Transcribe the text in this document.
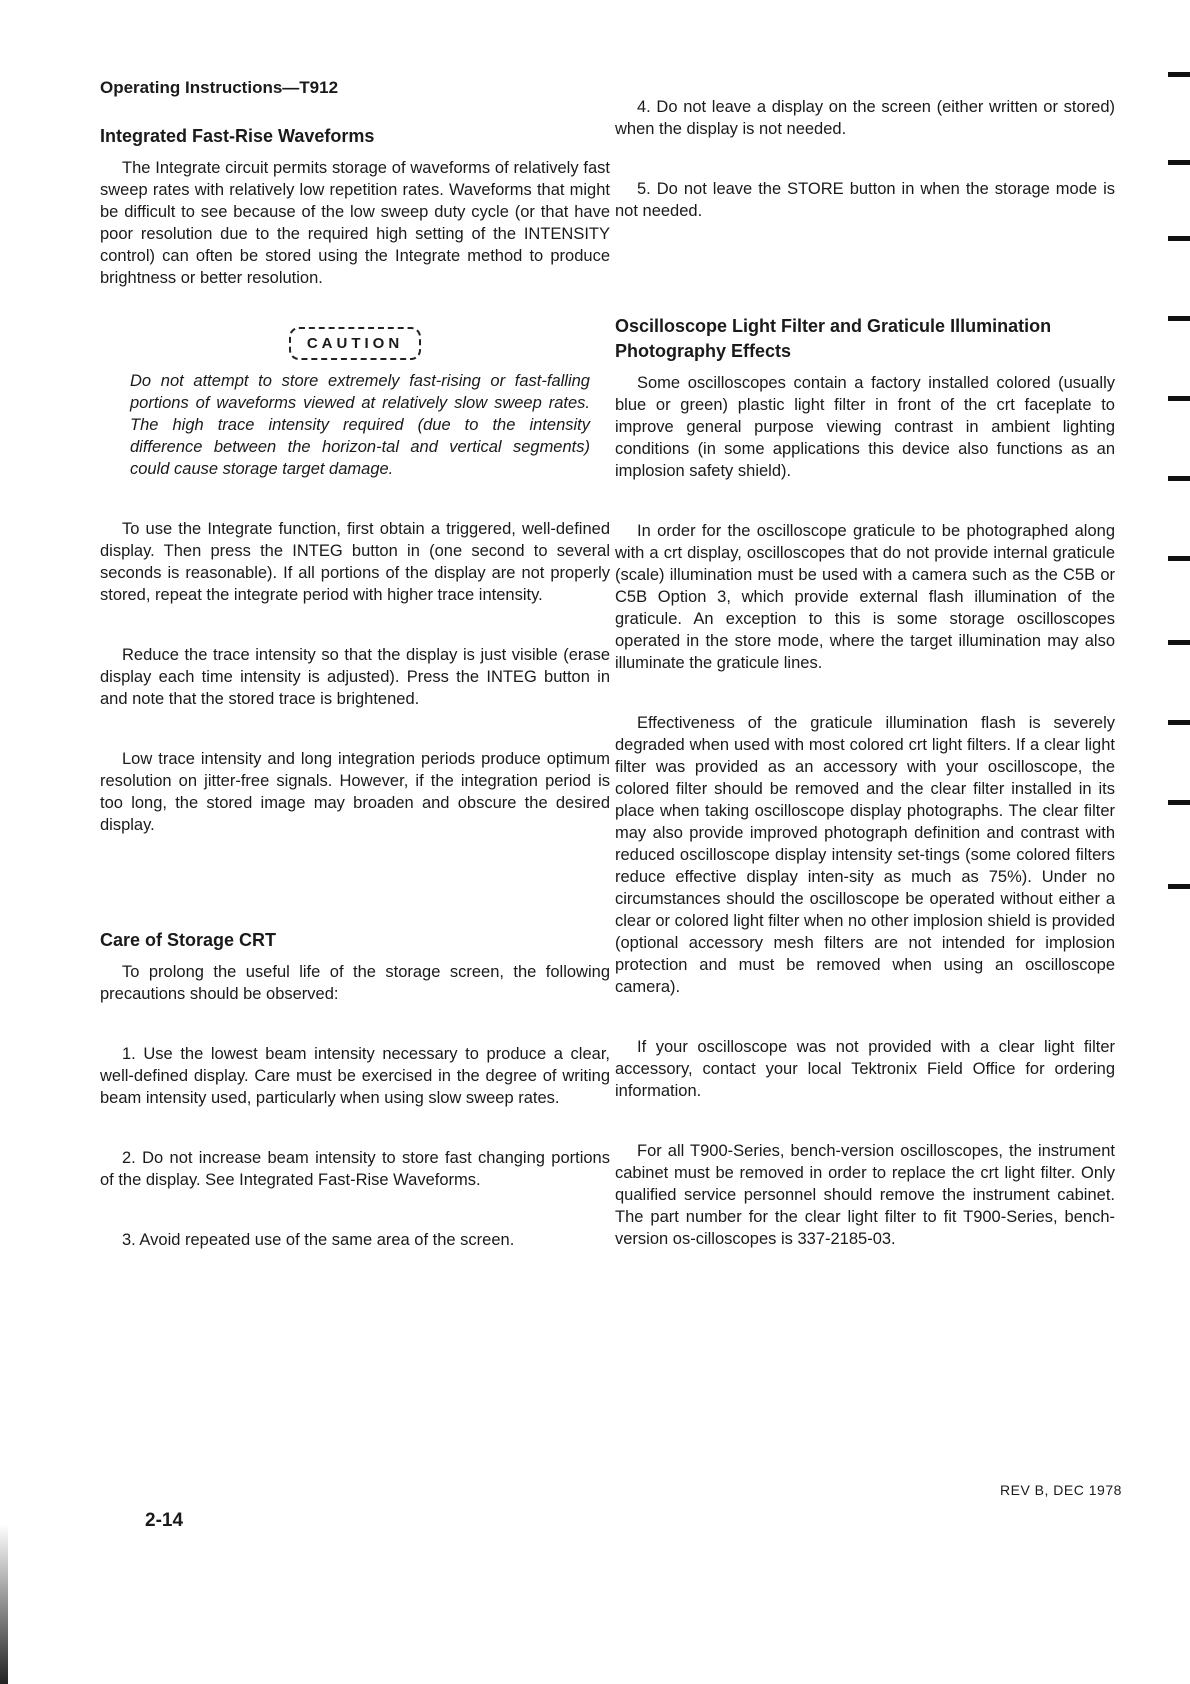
Operating Instructions—T912
Integrated Fast-Rise Waveforms

The Integrate circuit permits storage of waveforms of relatively fast sweep rates with relatively low repetition rates. Waveforms that might be difficult to see because of the low sweep duty cycle (or that have poor resolution due to the required high setting of the INTENSITY control) can often be stored using the Integrate method to produce brightness or better resolution.

CAUTION

Do not attempt to store extremely fast-rising or fast-falling portions of waveforms viewed at relatively slow sweep rates. The high trace intensity required (due to the intensity difference between the horizon-tal and vertical segments) could cause storage target damage.

To use the Integrate function, first obtain a triggered, well-defined display. Then press the INTEG button in (one second to several seconds is reasonable). If all portions of the display are not properly stored, repeat the integrate period with higher trace intensity.

Reduce the trace intensity so that the display is just visible (erase display each time intensity is adjusted). Press the INTEG button in and note that the stored trace is brightened.

Low trace intensity and long integration periods produce optimum resolution on jitter-free signals. However, if the integration period is too long, the stored image may broaden and obscure the desired display.

Care of Storage CRT

To prolong the useful life of the storage screen, the following precautions should be observed:

1. Use the lowest beam intensity necessary to produce a clear, well-defined display. Care must be exercised in the degree of writing beam intensity used, particularly when using slow sweep rates.

2. Do not increase beam intensity to store fast changing portions of the display. See Integrated Fast-Rise Waveforms.

3. Avoid repeated use of the same area of the screen.

4. Do not leave a display on the screen (either written or stored) when the display is not needed.

5. Do not leave the STORE button in when the storage mode is not needed.

Oscilloscope Light Filter and Graticule Illumination Photography Effects

Some oscilloscopes contain a factory installed colored (usually blue or green) plastic light filter in front of the crt faceplate to improve general purpose viewing contrast in ambient lighting conditions (in some applications this device also functions as an implosion safety shield).

In order for the oscilloscope graticule to be photographed along with a crt display, oscilloscopes that do not provide internal graticule (scale) illumination must be used with a camera such as the C5B or C5B Option 3, which provide external flash illumination of the graticule. An exception to this is some storage oscilloscopes operated in the store mode, where the target illumination may also illuminate the graticule lines.

Effectiveness of the graticule illumination flash is severely degraded when used with most colored crt light filters. If a clear light filter was provided as an accessory with your oscilloscope, the colored filter should be removed and the clear filter installed in its place when taking oscilloscope display photographs. The clear filter may also provide improved photograph definition and contrast with reduced oscilloscope display intensity set-tings (some colored filters reduce effective display inten-sity as much as 75%). Under no circumstances should the oscilloscope be operated without either a clear or colored light filter when no other implosion shield is provided (optional accessory mesh filters are not intended for implosion protection and must be removed when using an oscilloscope camera).

If your oscilloscope was not provided with a clear light filter accessory, contact your local Tektronix Field Office for ordering information.

For all T900-Series, bench-version oscilloscopes, the instrument cabinet must be removed in order to replace the crt light filter. Only qualified service personnel should remove the instrument cabinet. The part number for the clear light filter to fit T900-Series, bench-version os-cilloscopes is 337-2185-03.

REV B, DEC 1978
2-14
